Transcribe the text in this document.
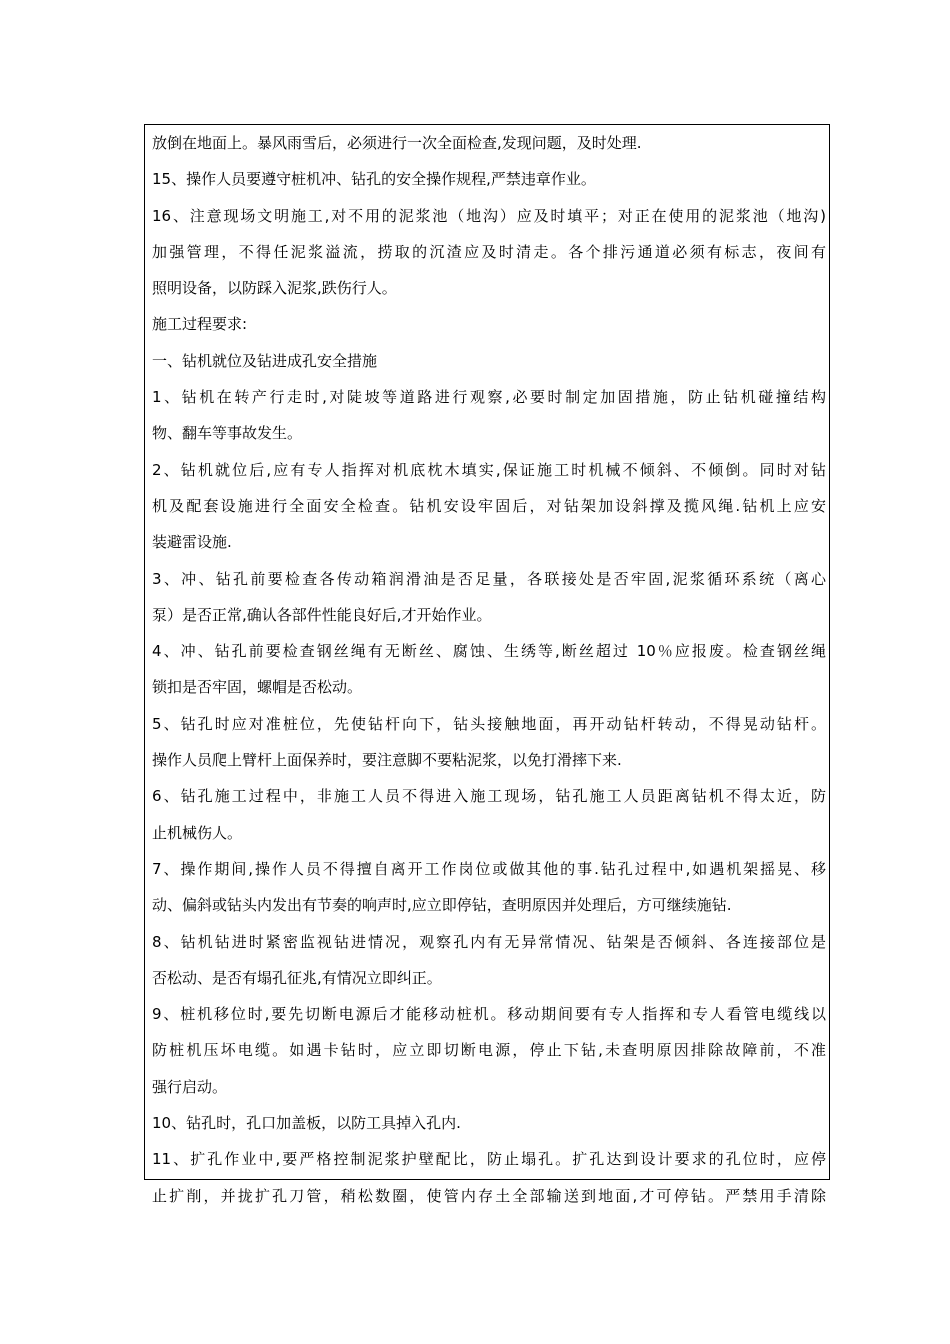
放倒在地面上。暴风雨雪后，必须进行一次全面检查,发现问题，及时处理.
15、操作人员要遵守桩机冲、钻孔的安全操作规程,严禁违章作业。
16、注意现场文明施工,对不用的泥浆池（地沟）应及时填平；对正在使用的泥浆池（地沟)
加强管理，不得任泥浆溢流，捞取的沉渣应及时清走。各个排污通道必须有标志，夜间有
照明设备，以防踩入泥浆,跌伤行人。
施工过程要求:
一、钻机就位及钻进成孔安全措施
1、钻机在转产行走时,对陡坡等道路进行观察,必要时制定加固措施，防止钻机碰撞结构
物、翻车等事故发生。
2、钻机就位后,应有专人指挥对机底枕木填实,保证施工时机械不倾斜、不倾倒。同时对钻
机及配套设施进行全面安全检查。钻机安设牢固后，对钻架加设斜撑及揽风绳.钻机上应安
装避雷设施.
3、冲、钻孔前要检查各传动箱润滑油是否足量，各联接处是否牢固,泥浆循环系统（离心
泵）是否正常,确认各部件性能良好后,才开始作业。
4、冲、钻孔前要检查钢丝绳有无断丝、腐蚀、生绣等,断丝超过 10％应报废。检查钢丝绳
锁扣是否牢固，螺帽是否松动。
5、钻孔时应对准桩位，先使钻杆向下，钻头接触地面，再开动钻杆转动，不得晃动钻杆。
操作人员爬上臂杆上面保养时，要注意脚不要粘泥浆，以免打滑摔下来.
6、钻孔施工过程中，非施工人员不得进入施工现场，钻孔施工人员距离钻机不得太近，防
止机械伤人。
7、操作期间,操作人员不得擅自离开工作岗位或做其他的事.钻孔过程中,如遇机架摇晃、移
动、偏斜或钻头内发出有节奏的响声时,应立即停钻，查明原因并处理后，方可继续施钻.
8、钻机钻进时紧密监视钻进情况，观察孔内有无异常情况、钻架是否倾斜、各连接部位是
否松动、是否有塌孔征兆,有情况立即纠正。
9、桩机移位时,要先切断电源后才能移动桩机。移动期间要有专人指挥和专人看管电缆线以
防桩机压坏电缆。如遇卡钻时，应立即切断电源，停止下钻,未查明原因排除故障前，不准
强行启动。
10、钻孔时，孔口加盖板，以防工具掉入孔内.
11、扩孔作业中,要严格控制泥浆护壁配比，防止塌孔。扩孔达到设计要求的孔位时，应停
止扩削，并拢扩孔刀管，稍松数圈，使管内存土全部输送到地面,才可停钻。严禁用手清除
